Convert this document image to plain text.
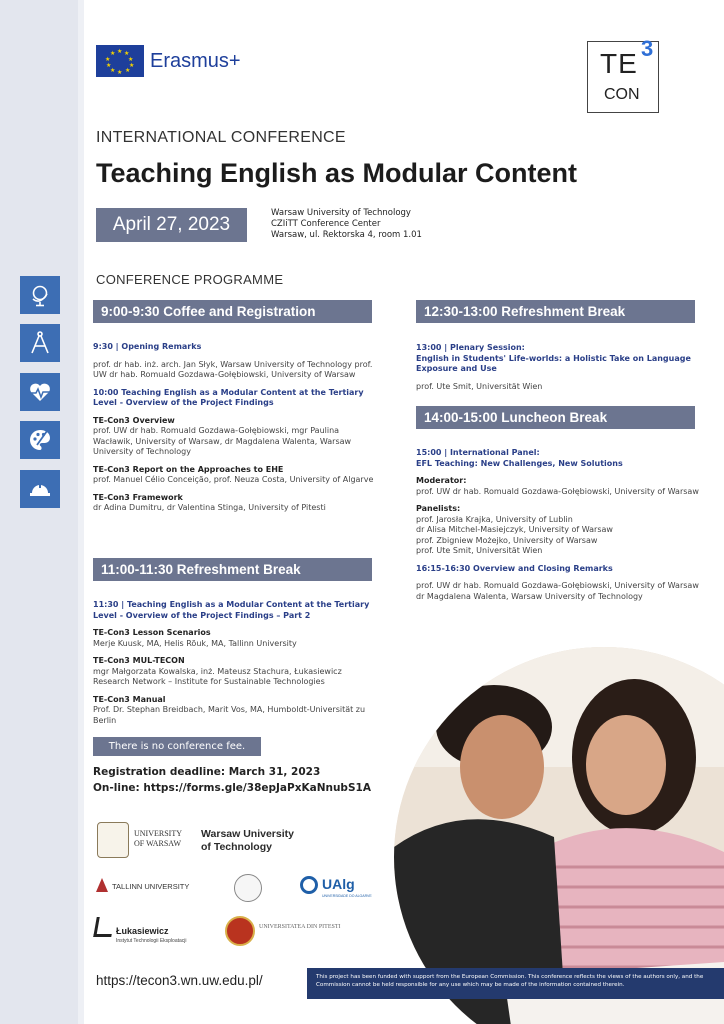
★ ★
★
★
★
★
★
★
★
★ Erasmus+	TE 3
CON
INTERNATIONAL CONFERENCE
Teaching English as Modular Content
April 27, 2023
Warsaw University of Technology
CZIiTT Conference Center
Warsaw, ul. Rektorska 4, room 1.01
CONFERENCE PROGRAMME
9:00-9:30 Coffee and Registration
9:30 | Opening Remarks
prof. dr hab. inż. arch. Jan Słyk, Warsaw University of Technology prof. UW dr hab. Romuald Gozdawa-Gołębiowski, University of Warsaw
10:00 Teaching English as a Modular Content at the Tertiary Level - Overview of the Project Findings
TE-Con3 Overview
prof. UW dr hab. Romuald Gozdawa-Gołębiowski, mgr Paulina Wacławik, University of Warsaw, dr Magdalena Walenta, Warsaw University of Technology
TE-Con3 Report on the Approaches to EHE
prof. Manuel Célio Conceição, prof. Neuza Costa, University of Algarve
TE-Con3 Framework
dr Adina Dumitru, dr Valentina Stinga, University of Pitesti
11:00-11:30 Refreshment Break
11:30 | Teaching English as a Modular Content at the Tertiary Level - Overview of the Project Findings – Part 2
TE-Con3 Lesson Scenarios
Merje Kuusk, MA, Helis Rõuk, MA, Tallinn University
TE-Con3 MUL-TECON
mgr Małgorzata Kowalska, inż. Mateusz Stachura, Łukasiewicz Research Network – Institute for Sustainable Technologies
TE-Con3 Manual
Prof. Dr. Stephan Breidbach, Marit Vos, MA, Humboldt-Universität zu Berlin
There is no conference fee.
Registration deadline: March 31, 2023
On-line: https://forms.gle/38epJaPxKaNnubS1A
12:30-13:00 Refreshment Break
13:00 | Plenary Session:
English in Students' Life-worlds: a Holistic Take on Language Exposure and Use
prof. Ute Smit, Universität Wien
14:00-15:00 Luncheon Break
15:00 | International Panel:
EFL Teaching: New Challenges, New Solutions
Moderator:
prof. UW dr hab. Romuald Gozdawa-Gołębiowski, University of Warsaw
Panelists:
prof. Jarosła Krajka, University of Lublin
dr Alisa Mitchel-Masiejczyk, University of Warsaw
prof. Zbigniew Możejko, University of Warsaw
prof. Ute Smit, Universität Wien
16:15-16:30 Overview and Closing Remarks
prof. UW dr hab. Romuald Gozdawa-Gołębiowski, University of Warsaw dr Magdalena Walenta, Warsaw University of Technology
UNIVERSITY OF WARSAW
Warsaw University
of Technology
TALLINN UNIVERSITY	UAlg
UNIVERSIDADE DO ALGARVE
Łukasiewicz
Instytut Technologii Eksploatacji
UNIVERSITATEA DIN PITESTI
https://tecon3.wn.uw.edu.pl/	This project has been funded with support from the European Commission. This conference reflects the views of the authors only, and the Commission cannot be held responsible for any use which may be made of the information contained therein.
